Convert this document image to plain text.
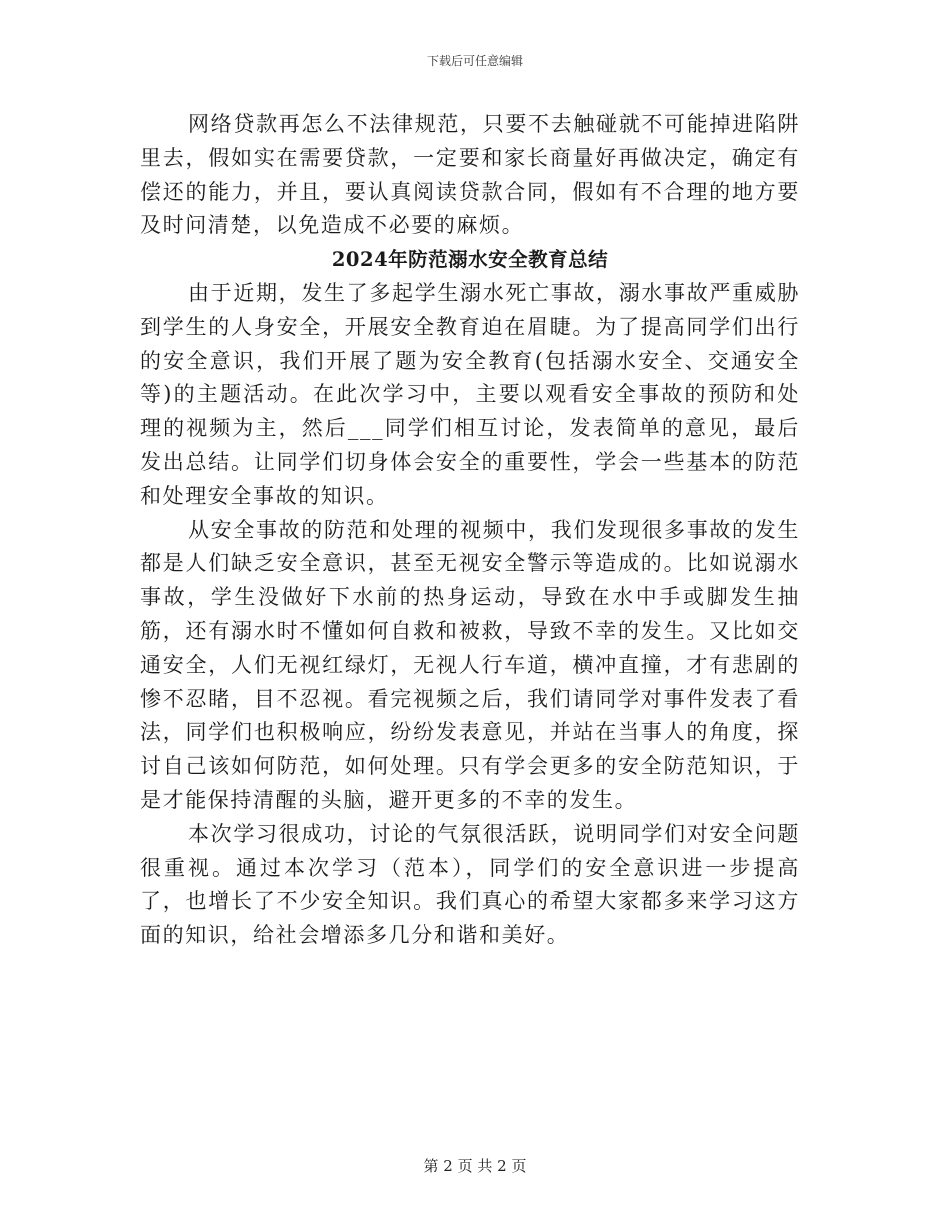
下载后可任意编辑

网络贷款再怎么不法律规范，只要不去触碰就不可能掉进陷阱里去，假如实在需要贷款，一定要和家长商量好再做决定，确定有偿还的能力，并且，要认真阅读贷款合同，假如有不合理的地方要及时问清楚，以免造成不必要的麻烦。

2024年防范溺水安全教育总结

由于近期，发生了多起学生溺水死亡事故，溺水事故严重威胁到学生的人身安全，开展安全教育迫在眉睫。为了提高同学们出行的安全意识，我们开展了题为安全教育(包括溺水安全、交通安全等)的主题活动。在此次学习中，主要以观看安全事故的预防和处理的视频为主，然后___同学们相互讨论，发表简单的意见，最后发出总结。让同学们切身体会安全的重要性，学会一些基本的防范和处理安全事故的知识。

从安全事故的防范和处理的视频中，我们发现很多事故的发生都是人们缺乏安全意识，甚至无视安全警示等造成的。比如说溺水事故，学生没做好下水前的热身运动，导致在水中手或脚发生抽筋，还有溺水时不懂如何自救和被救，导致不幸的发生。又比如交通安全，人们无视红绿灯，无视人行车道，横冲直撞，才有悲剧的惨不忍睹，目不忍视。看完视频之后，我们请同学对事件发表了看法，同学们也积极响应，纷纷发表意见，并站在当事人的角度，探讨自己该如何防范，如何处理。只有学会更多的安全防范知识，于是才能保持清醒的头脑，避开更多的不幸的发生。

本次学习很成功，讨论的气氛很活跃，说明同学们对安全问题很重视。通过本次学习（范本），同学们的安全意识进一步提高了，也增长了不少安全知识。我们真心的希望大家都多来学习这方面的知识，给社会增添多几分和谐和美好。

第 2 页 共 2 页
